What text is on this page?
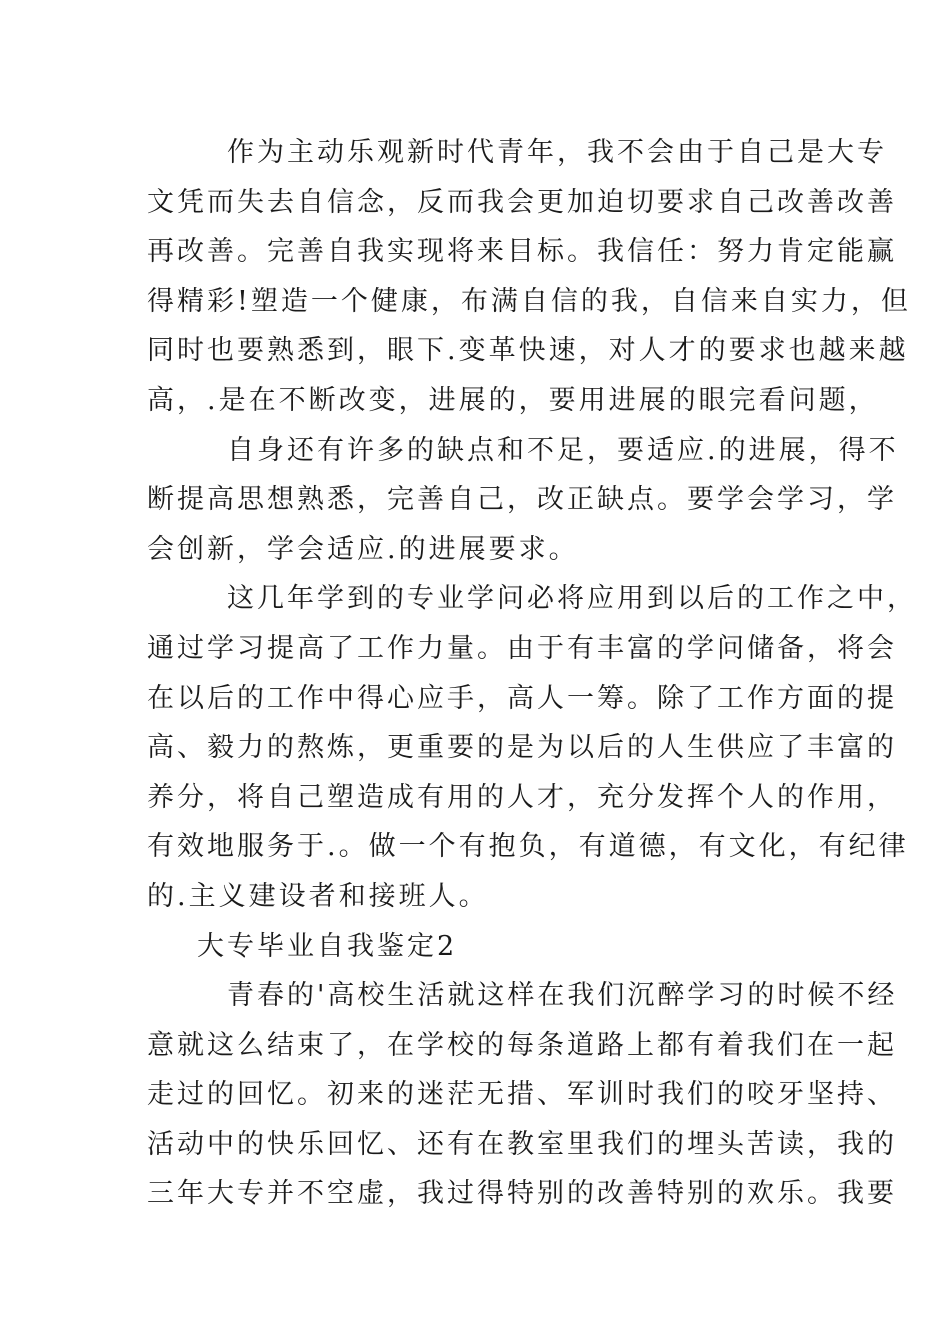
作为主动乐观新时代青年，我不会由于自己是大专
文凭而失去自信念，反而我会更加迫切要求自己改善改善
再改善。完善自我实现将来目标。我信任：努力肯定能赢
得精彩!塑造一个健康，布满自信的我，自信来自实力，但
同时也要熟悉到，眼下.变革快速，对人才的要求也越来越
高，.是在不断改变，进展的，要用进展的眼完看问题，
自身还有许多的缺点和不足，要适应.的进展，得不
断提高思想熟悉，完善自己，改正缺点。要学会学习，学
会创新，学会适应.的进展要求。
这几年学到的专业学问必将应用到以后的工作之中，
通过学习提高了工作力量。由于有丰富的学问储备，将会
在以后的工作中得心应手，高人一筹。除了工作方面的提
高、毅力的熬炼，更重要的是为以后的人生供应了丰富的
养分，将自己塑造成有用的人才，充分发挥个人的作用，
有效地服务于.。做一个有抱负，有道德，有文化，有纪律
的.主义建设者和接班人。
大专毕业自我鉴定2
青春的'高校生活就这样在我们沉醉学习的时候不经
意就这么结束了，在学校的每条道路上都有着我们在一起
走过的回忆。初来的迷茫无措、军训时我们的咬牙坚持、
活动中的快乐回忆、还有在教室里我们的埋头苦读，我的
三年大专并不空虚，我过得特别的改善特别的欢乐。我要
